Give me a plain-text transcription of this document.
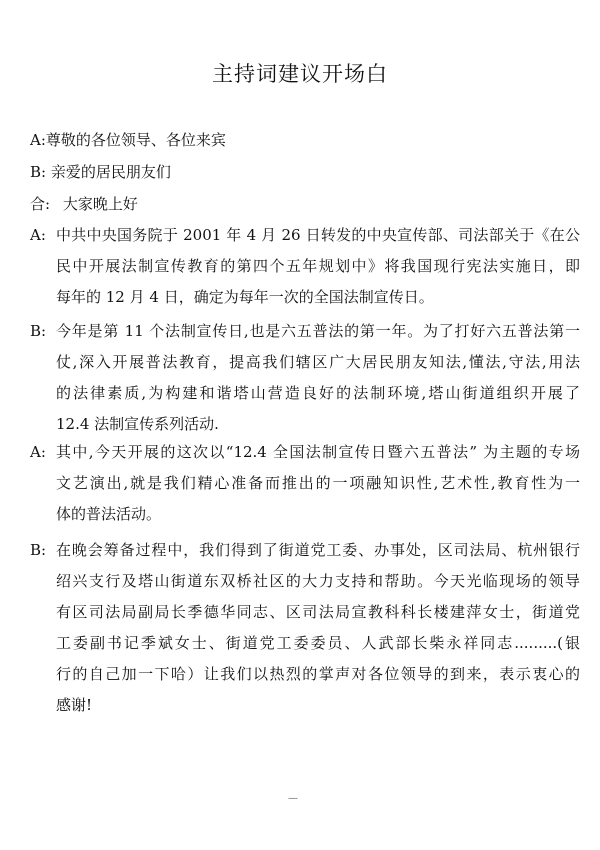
主持词建议开场白
A:尊敬的各位领导、各位来宾
B: 亲爱的居民朋友们
合: 大家晚上好
A: 中共中央国务院于 2001 年 4 月 26 日转发的中央宣传部、司法部关于《在公
民中开展法制宣传教育的第四个五年规划中》将我国现行宪法实施日，即
每年的 12 月 4 日，确定为每年一次的全国法制宣传日。
B: 今年是第 11 个法制宣传日,也是六五普法的第一年。为了打好六五普法第一
仗,深入开展普法教育，提高我们辖区广大居民朋友知法,懂法,守法,用法
的法律素质,为构建和谐塔山营造良好的法制环境,塔山街道组织开展了
12.4 法制宣传系列活动.
A: 其中,今天开展的这次以“12.4 全国法制宣传日暨六五普法” 为主题的专场
文艺演出,就是我们精心准备而推出的一项融知识性,艺术性,教育性为一
体的普法活动。
B: 在晚会筹备过程中，我们得到了街道党工委、办事处，区司法局、杭州银行
绍兴支行及塔山街道东双桥社区的大力支持和帮助。今天光临现场的领导
有区司法局副局长季德华同志、区司法局宣教科科长楼建萍女士，街道党
工委副书记季斌女士、街道党工委委员、人武部长柴永祥同志.........(银
行的自己加一下哈）让我们以热烈的掌声对各位领导的到来，表示衷心的
感谢!
—
